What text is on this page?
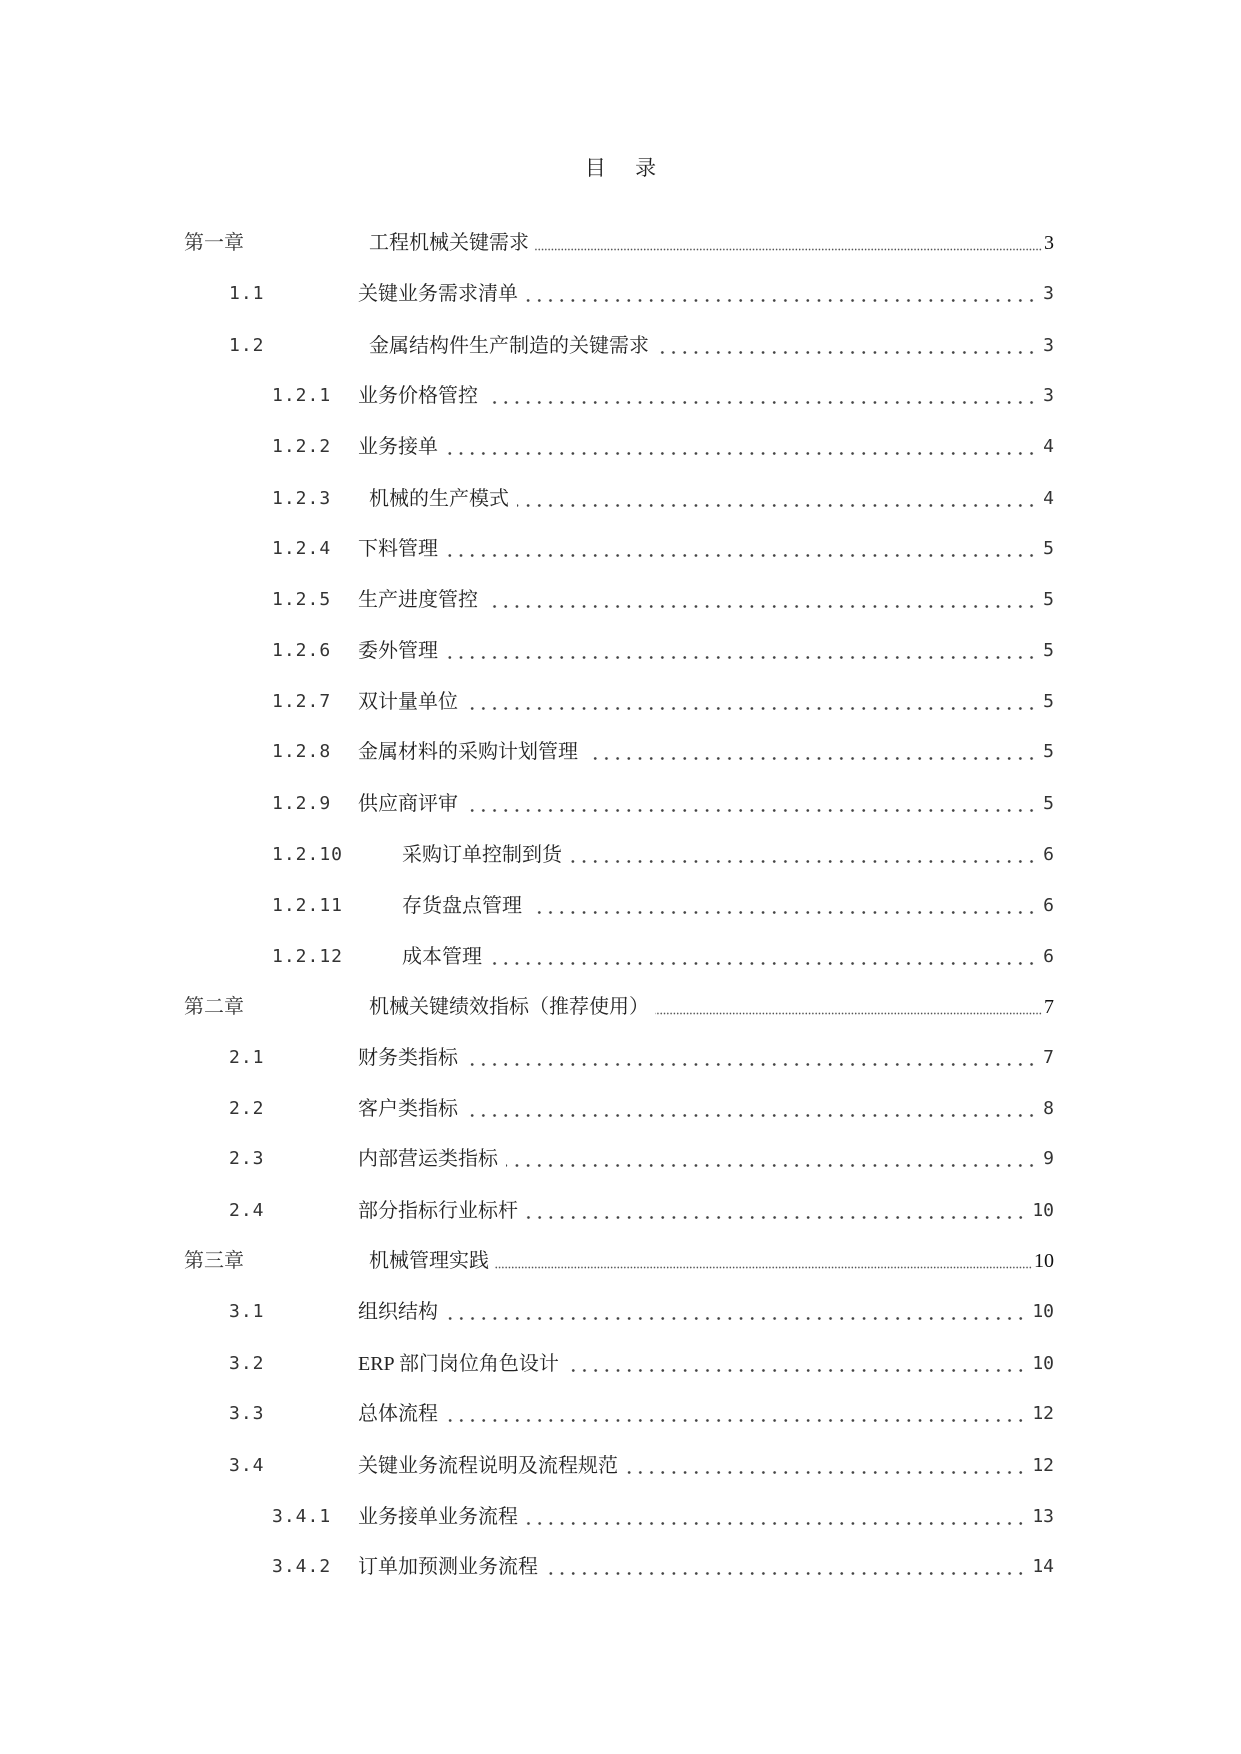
目 录
第一章	工程机械关键需求	3
1.1	关键业务需求清单	3
1.2	金属结构件生产制造的关键需求	3
1.2.1 业务价格管控	3
1.2.2 业务接单	4
1.2.3 机械的生产模式	4
1.2.4 下料管理	5
1.2.5 生产进度管控	5
1.2.6 委外管理	5
1.2.7 双计量单位	5
1.2.8 金属材料的采购计划管理	5
1.2.9 供应商评审	5
1.2.10	采购订单控制到货	6
1.2.11	存货盘点管理	6
1.2.12	成本管理	6
第二章	机械关键绩效指标（推荐使用）	7
2.1	财务类指标	7
2.2	客户类指标	8
2.3	内部营运类指标	9
2.4	部分指标行业标杆	10
第三章	机械管理实践	10
3.1	组织结构	10
3.2	ERP 部门岗位角色设计	10
3.3	总体流程	12
3.4	关键业务流程说明及流程规范	12
3.4.1 业务接单业务流程	13
3.4.2 订单加预测业务流程	14
